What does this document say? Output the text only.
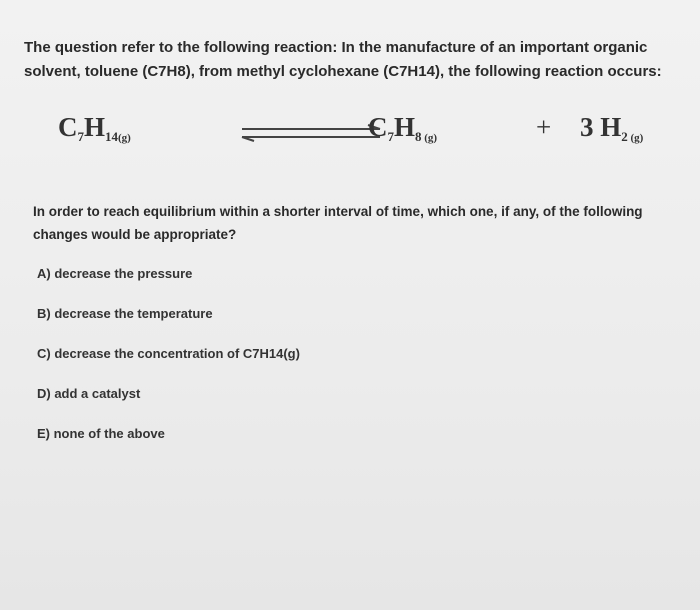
The question refer to the following reaction: In the manufacture of an important organic solvent, toluene (C7H8), from methyl cyclohexane (C7H14), the following reaction occurs:
$C_7H_{14(g)}$	$C_7H_8$ $_{(g)}$	+ 3 $H_2$ $_{(g)}$
In order to reach equilibrium within a shorter interval of time, which one, if any, of the following changes would be appropriate?
A) decrease the pressure
B) decrease the temperature
C) decrease the concentration of C7H14(g)
D) add a catalyst
E) none of the above
